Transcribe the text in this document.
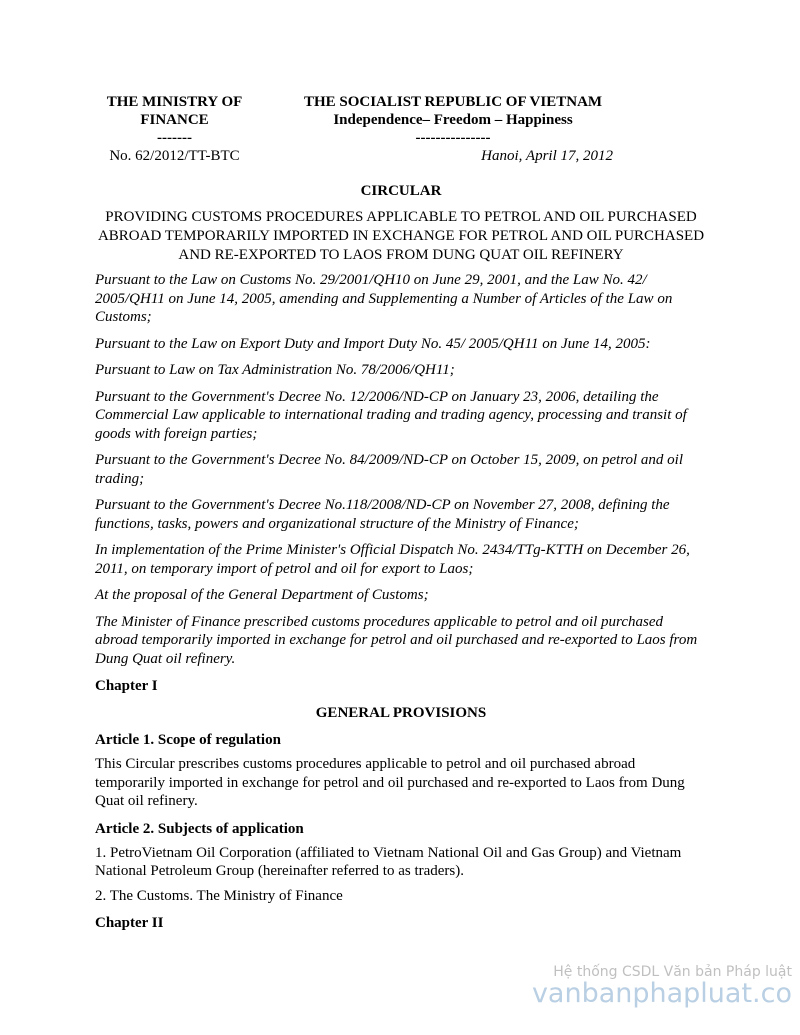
THE MINISTRY OF
FINANCE
-------
No. 62/2012/TT-BTC
THE SOCIALIST REPUBLIC OF VIETNAM
Independence– Freedom – Happiness
---------------
Hanoi, April 17, 2012
CIRCULAR
PROVIDING CUSTOMS PROCEDURES APPLICABLE TO PETROL AND OIL PURCHASED ABROAD TEMPORARILY IMPORTED IN EXCHANGE FOR PETROL AND OIL PURCHASED AND RE-EXPORTED TO LAOS FROM DUNG QUAT OIL REFINERY
Pursuant to the Law on Customs No. 29/2001/QH10 on June 29, 2001, and the Law No. 42/ 2005/QH11 on June 14, 2005, amending and Supplementing a Number of Articles of the Law on Customs;
Pursuant to the Law on Export Duty and Import Duty No. 45/ 2005/QH11 on June 14, 2005:
Pursuant to Law on Tax Administration No. 78/2006/QH11;
Pursuant to the Government's Decree No. 12/2006/ND-CP on January 23, 2006, detailing the Commercial Law applicable to international trading and trading agency, processing and transit of goods with foreign parties;
Pursuant to the Government's Decree No. 84/2009/ND-CP on October 15, 2009, on petrol and oil trading;
Pursuant to the Government's Decree No.118/2008/ND-CP on November 27, 2008, defining the functions, tasks, powers and organizational structure of the Ministry of Finance;
In implementation of the Prime Minister's Official Dispatch No. 2434/TTg-KTTH on December 26, 2011, on temporary import of petrol and oil for export to Laos;
At the proposal of the General Department of Customs;
The Minister of Finance prescribed customs procedures applicable to petrol and oil purchased abroad temporarily imported in exchange for petrol and oil purchased and re-exported to Laos from Dung Quat oil refinery.
Chapter I
GENERAL PROVISIONS
Article 1. Scope of regulation
This Circular prescribes customs procedures applicable to petrol and oil purchased abroad temporarily imported in exchange for petrol and oil purchased and re-exported to Laos from Dung Quat oil refinery.
Article 2. Subjects of application
1. PetroVietnam Oil Corporation (affiliated to Vietnam National Oil and Gas Group) and Vietnam National Petroleum Group (hereinafter referred to as traders).
2. The Customs. The Ministry of Finance
Chapter II
Hệ thống CSDL Văn bản Pháp luật
vanbanphapluat.co
